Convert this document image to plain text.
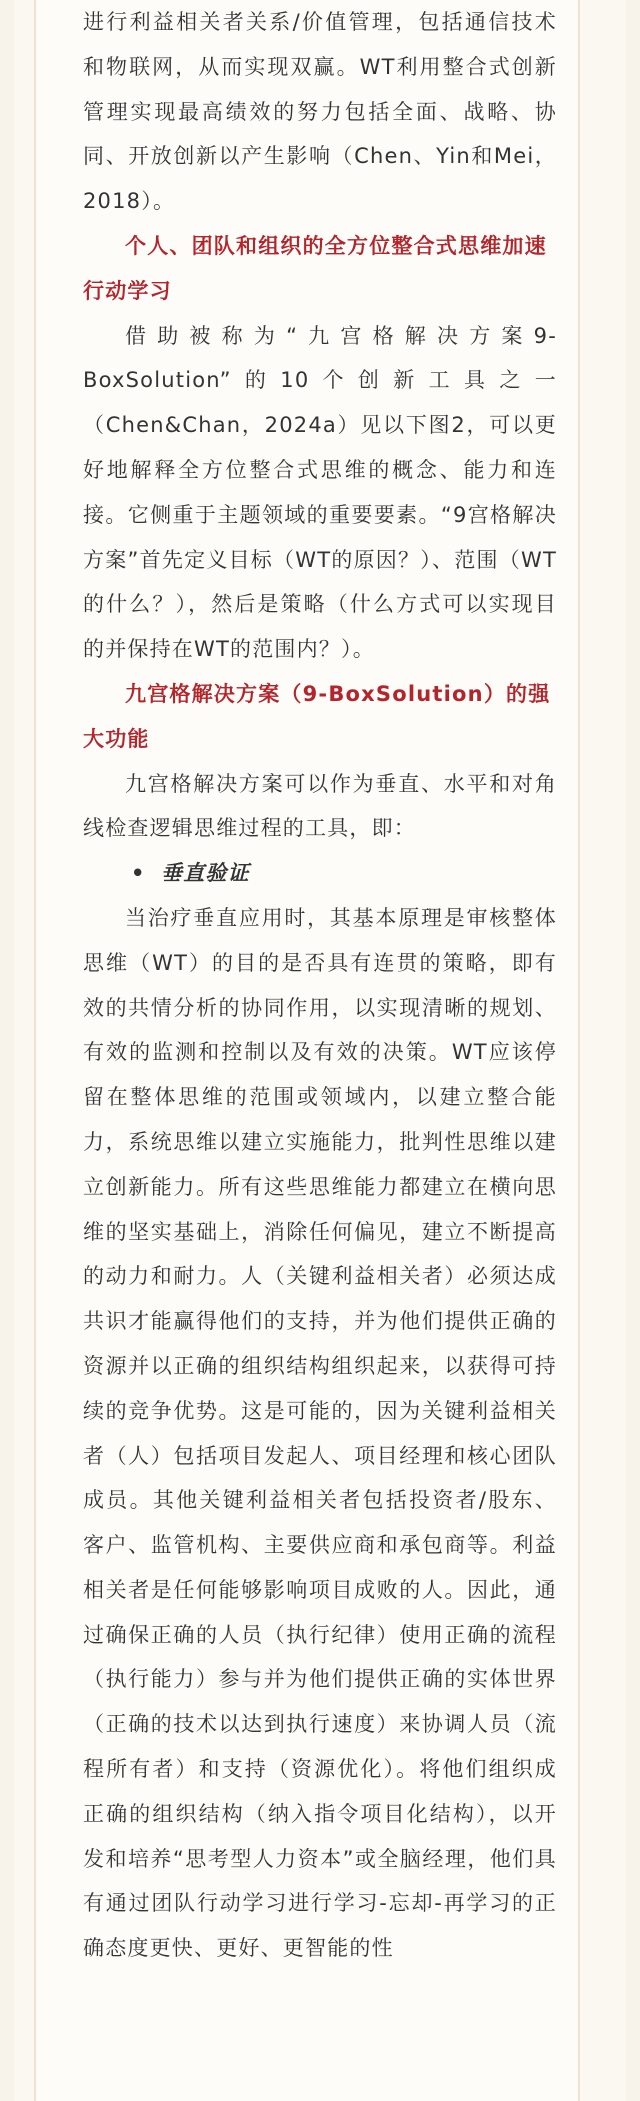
进行利益相关者关系/价值管理，包括通信技术和物联网，从而实现双赢。WT利用整合式创新管理实现最高绩效的努力包括全面、战略、协同、开放创新以产生影响（Chen、Yin和Mei，2018）。

个人、团队和组织的全方位整合式思维加速行动学习

借助被称为“九宫格解决方案9-BoxSolution”的10个创新工具之一（Chen&Chan，2024a）见以下图2，可以更好地解释全方位整合式思维的概念、能力和连接。它侧重于主题领域的重要要素。“9宫格解决方案”首先定义目标（WT的原因？）、范围（WT的什么？），然后是策略（什么方式可以实现目的并保持在WT的范围内？）。

九宫格解决方案（9-BoxSolution）的强大功能

九宫格解决方案可以作为垂直、水平和对角线检查逻辑思维过程的工具，即：

• 垂直验证

当治疗垂直应用时，其基本原理是审核整体思维（WT）的目的是否具有连贯的策略，即有效的共情分析的协同作用，以实现清晰的规划、有效的监测和控制以及有效的决策。WT应该停留在整体思维的范围或领域内，以建立整合能力，系统思维以建立实施能力，批判性思维以建立创新能力。所有这些思维能力都建立在横向思维的坚实基础上，消除任何偏见，建立不断提高的动力和耐力。人（关键利益相关者）必须达成共识才能赢得他们的支持，并为他们提供正确的资源并以正确的组织结构组织起来，以获得可持续的竞争优势。这是可能的，因为关键利益相关者（人）包括项目发起人、项目经理和核心团队成员。其他关键利益相关者包括投资者/股东、客户、监管机构、主要供应商和承包商等。利益相关者是任何能够影响项目成败的人。因此，通过确保正确的人员（执行纪律）使用正确的流程（执行能力）参与并为他们提供正确的实体世界（正确的技术以达到执行速度）来协调人员（流程所有者）和支持（资源优化）。将他们组织成正确的组织结构（纳入指令项目化结构），以开发和培养“思考型人力资本”或全脑经理，他们具有通过团队行动学习进行学习-忘却-再学习的正确态度更快、更好、更智能的性
